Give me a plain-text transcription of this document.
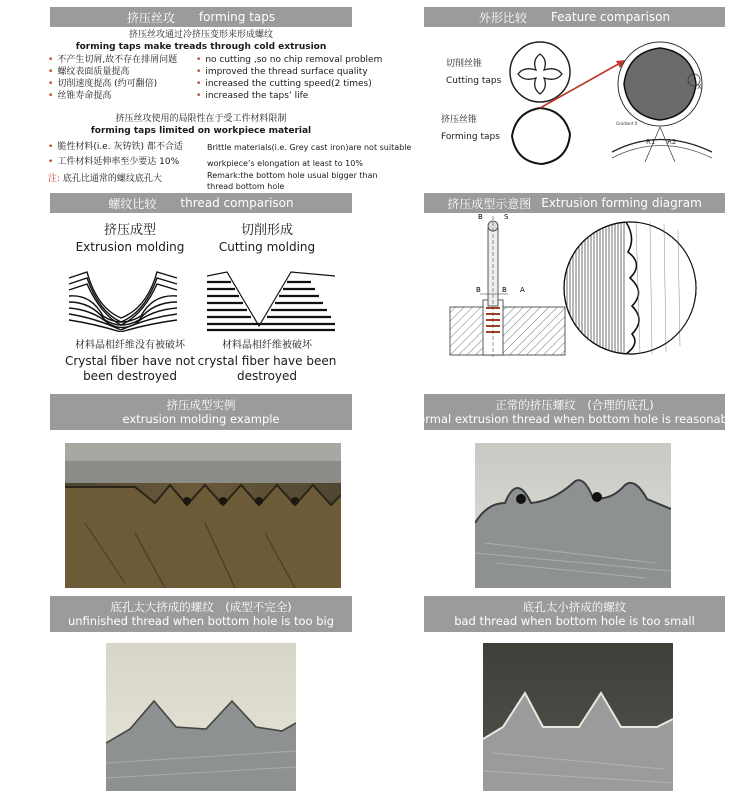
挤压丝攻 forming taps
挤压丝攻通过冷挤压变形来形成螺纹
forming taps make treads through cold extrusion
• 不产生切屑,故不存在排屑问题
• 螺纹表面质量提高
• 切削速度提高 (约可翻倍)
• 丝锥寿命提高
• no cutting ,so no chip removal problem
• improved the thread surface quality
• increased the cutting speed(2 times)
• increased the taps’ life
挤压丝攻使用的局限性在于受工件材料限制
forming taps limited on workpiece material
• 脆性材料(i.e. 灰铸铁) 都不合适
• 工件材料延伸率至少要达 10%
Brittle materials(i.e. Grey cast iron)are not suitable
workpiece’s elongation at least to 10%
注: 底孔比通常的螺纹底孔大	Remark:the bottom hole usual bigger than
thread bottom hole
外形比较 Feature comparison
切削丝锥
Cutting taps
挤压丝锥
Forming taps
X
Gradient X
R1 R2
螺纹比较 thread comparison
挤压成型
Extrusion molding
切削形成
Cutting molding
材料晶相纤维没有被破坏
Crystal fiber have not
been destroyed
材料晶相纤维被破坏
crystal fiber have been
destroyed
挤压成型示意图 Extrusion forming diagram
B	S
B	B A
挤压成型实例
extrusion molding example
正常的挤压螺纹　(合理的底孔)
normal extrusion thread when bottom hole is reasonable
底孔太大挤成的螺纹　(成型不完全)
unfinished thread when bottom hole is too big
底孔太小挤成的螺纹
bad thread when bottom hole is too small
